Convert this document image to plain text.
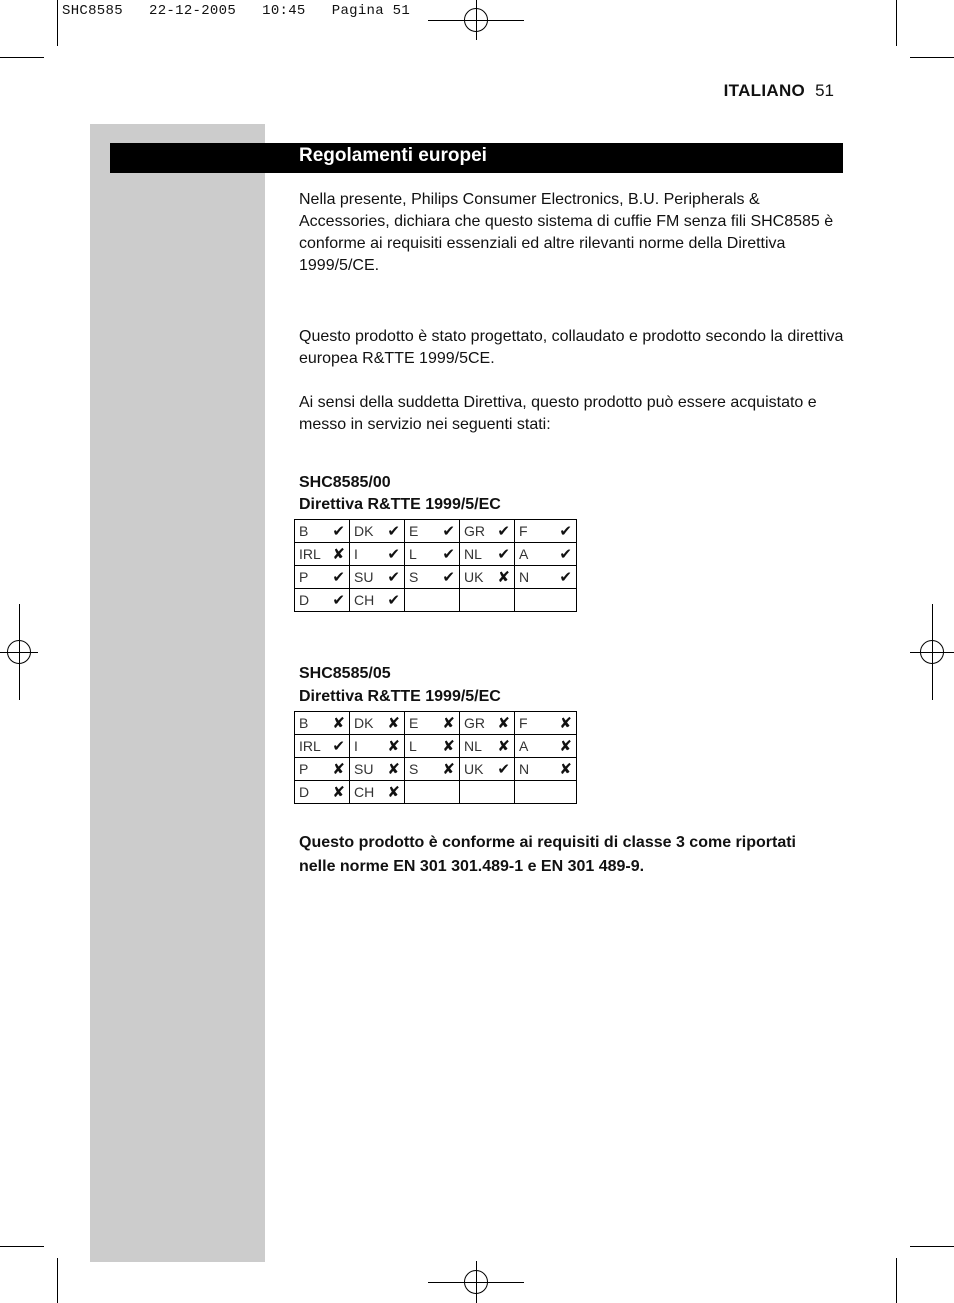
SHC8585   22-12-2005   10:45   Pagina 51
ITALIANO 51
Regolamenti europei
Nella presente, Philips Consumer Electronics, B.U. Peripherals & Accessories, dichiara che questo sistema di cuffie FM senza fili SHC8585 è conforme ai requisiti essenziali ed altre rilevanti norme della Direttiva 1999/5/CE.
Questo prodotto è stato progettato, collaudato e prodotto secondo la direttiva europea R&TTE 1999/5CE.
Ai sensi della suddetta Direttiva, questo prodotto può essere acquistato e messo in servizio nei seguenti stati:
SHC8585/00
Direttiva R&TTE 1999/5/EC
B ✔	DK ✔	E ✔	GR ✔	F ✔

IRL ✘	I ✔	L ✔	NL ✔	A ✔

P ✔	SU ✔	S ✔	UK ✘	N ✔

D ✔	CH ✔			

SHC8585/05
Direttiva R&TTE 1999/5/EC
B ✘	DK ✘	E ✘	GR ✘	F ✘

IRL ✔	I ✘	L ✘	NL ✘	A ✘

P ✘	SU ✘	S ✘	UK ✔	N ✘

D ✘	CH ✘			

Questo prodotto è conforme ai requisiti di classe 3 come riportati nelle norme EN 301 301.489-1 e EN 301 489-9.
